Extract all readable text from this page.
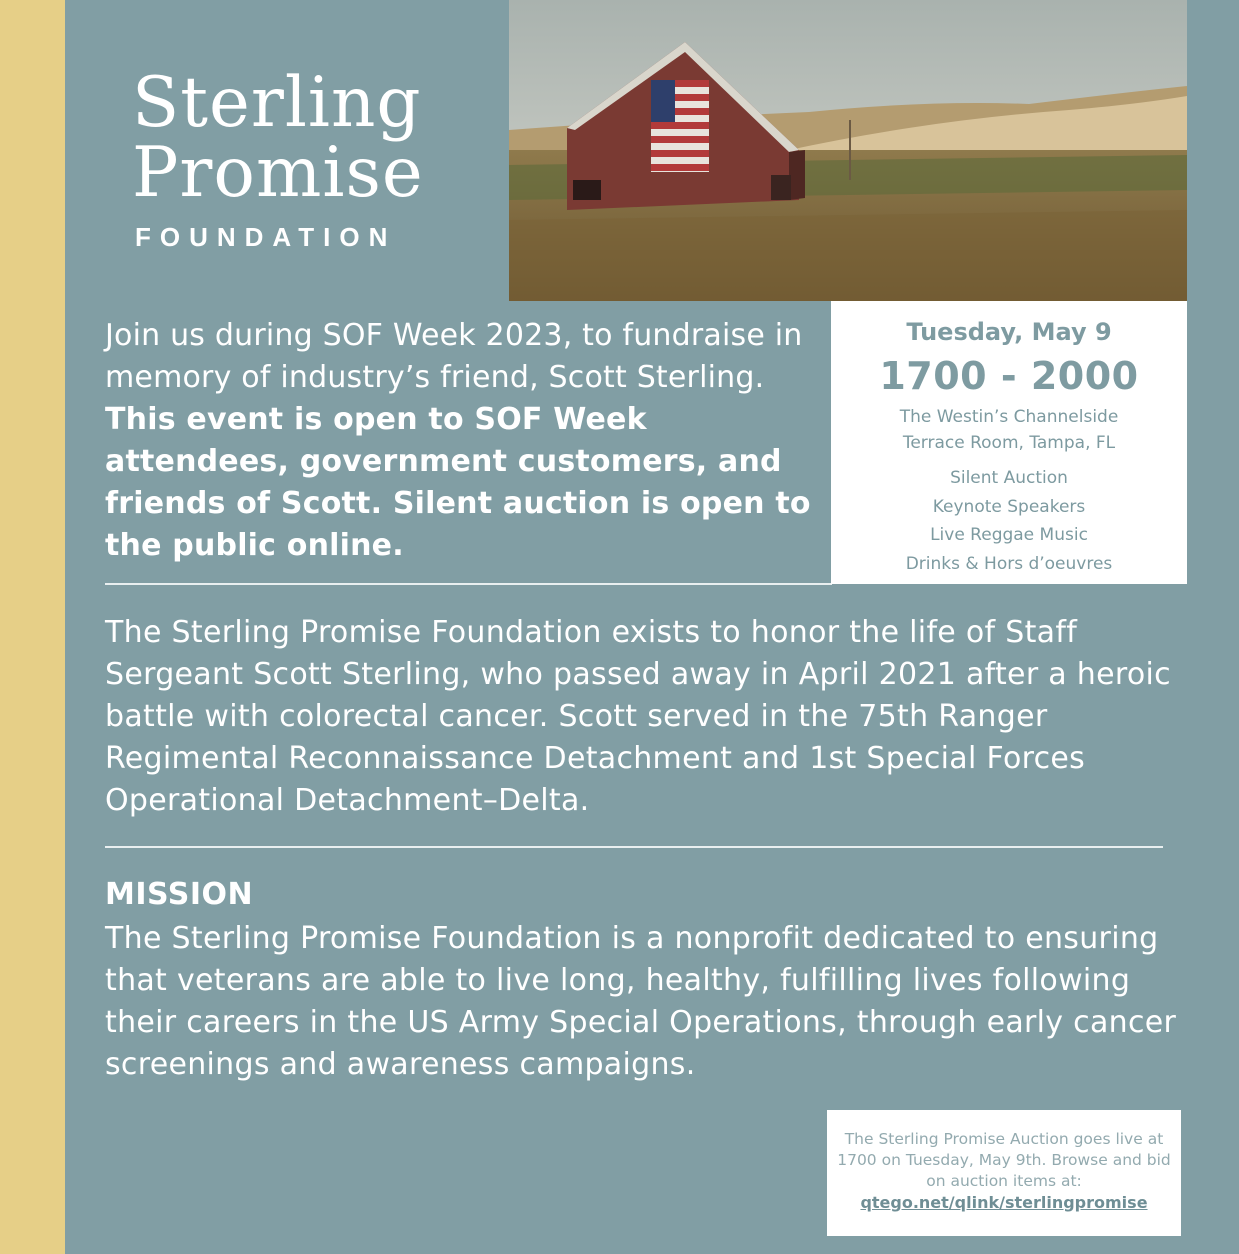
Sterling
Promise
FOUNDATION
Join us during SOF Week 2023, to fundraise in memory of industry’s friend, Scott Sterling. This event is open to SOF Week attendees, government customers, and friends of Scott. Silent auction is open to the public online.
Tuesday, May 9
1700 - 2000
The Westin’s Channelside
Terrace Room, Tampa, FL
Silent Auction
Keynote Speakers
Live Reggae Music
Drinks & Hors d’oeuvres
The Sterling Promise Foundation exists to honor the life of Staff Sergeant Scott Sterling, who passed away in April 2021 after a heroic battle with colorectal cancer. Scott served in the 75th Ranger Regimental Reconnaissance Detachment and 1st Special Forces Operational Detachment–Delta.
MISSION
The Sterling Promise Foundation is a nonprofit dedicated to ensuring that veterans are able to live long, healthy, fulfilling lives following their careers in the US Army Special Operations, through early cancer screenings and awareness campaigns.
The Sterling Promise Auction goes live at 1700 on Tuesday, May 9th. Browse and bid on auction items at:
qtego.net/qlink/sterlingpromise
